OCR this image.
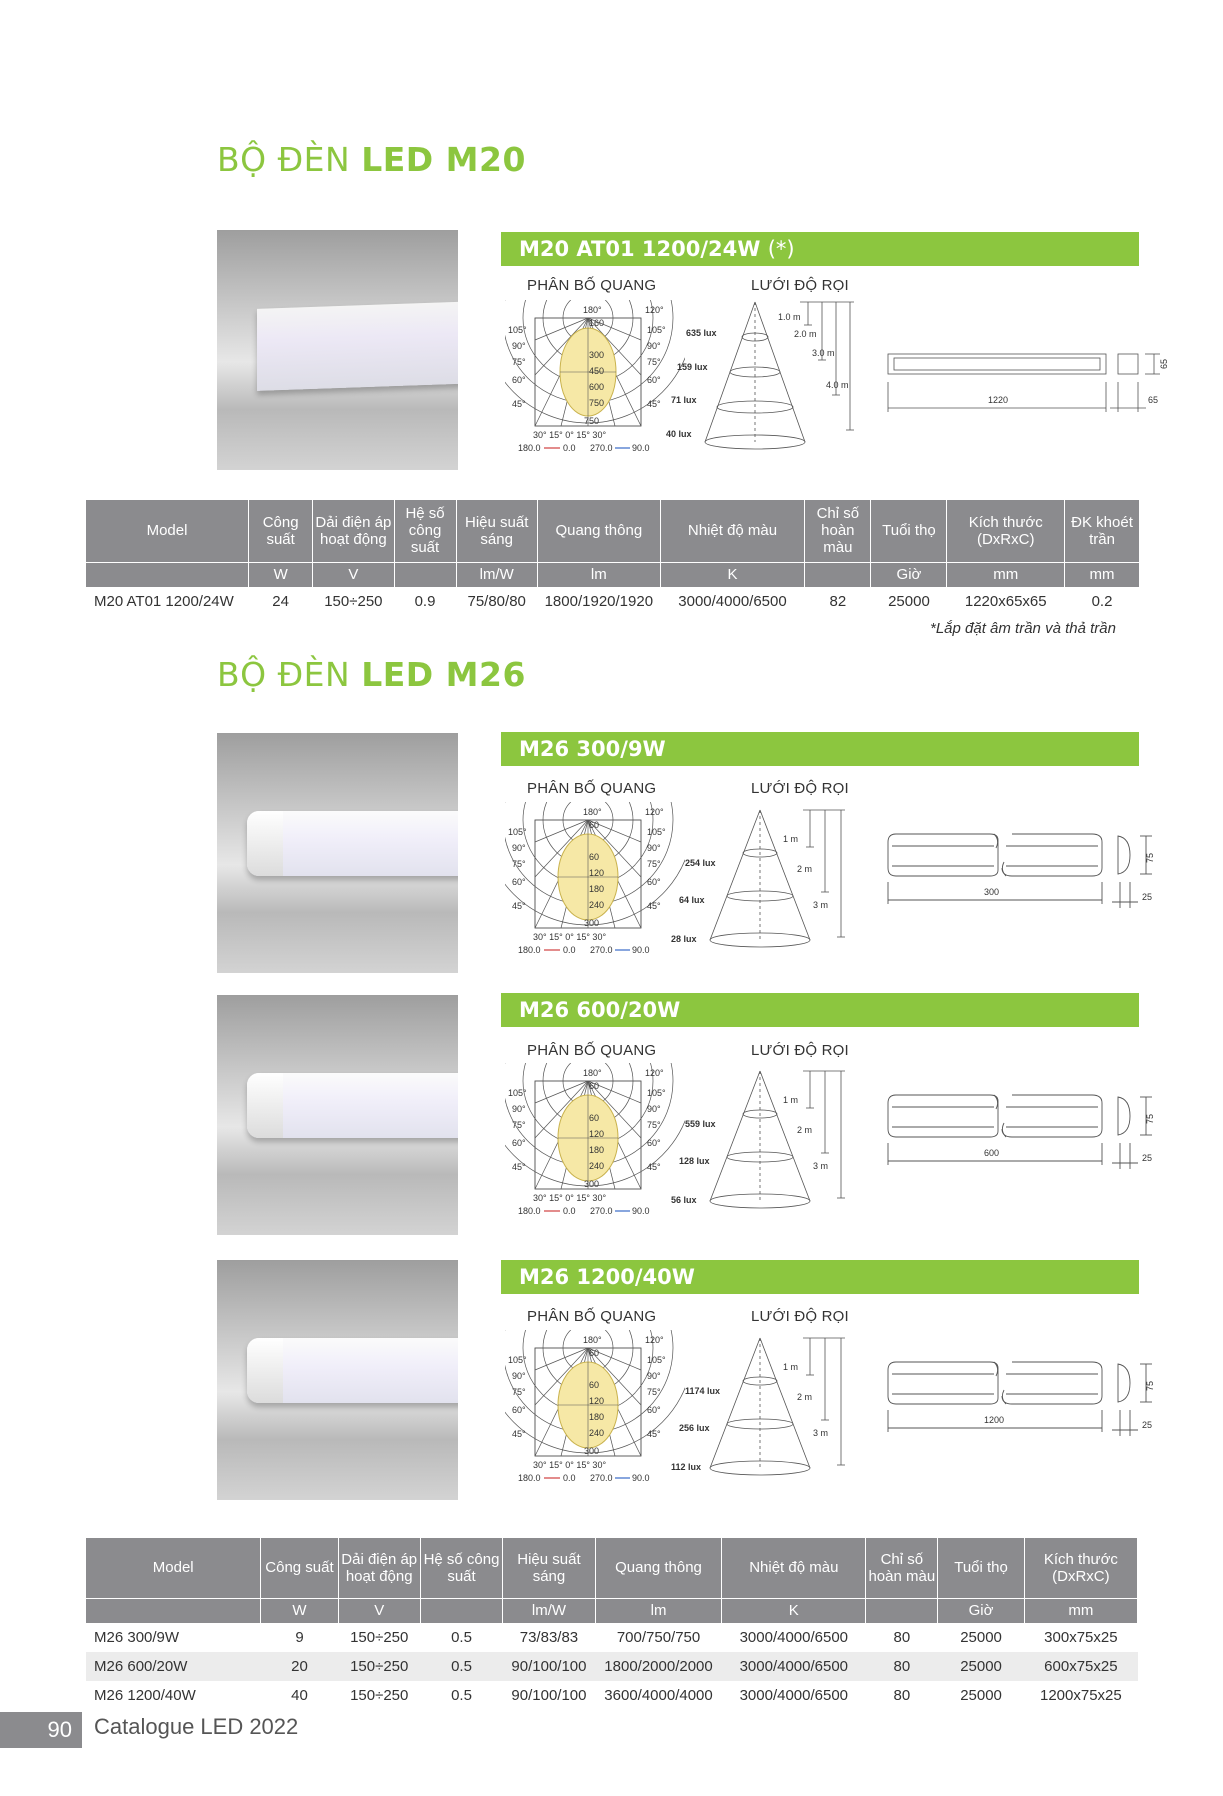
BỘ ĐÈN LED M20
M20 AT01 1200/24W (*)
PHÂN BỐ QUANG	LƯỚI ĐỘ RỌI
180°	120°
105°
90°
75°
60°
45°
105°
90°
75°
60°
45°
160
300
450
600
750
750
30° 15° 0° 15° 30°
180.0 0.0 270.0 90.0
1.0 m
2.0 m
3.0 m
4.0 m
635 lux
159 lux
71 lux
40 lux
1220
65
65
Model	Công suất	Dải điện áp hoạt động	Hệ số công suất	Hiệu suất sáng	Quang thông	Nhiệt độ màu	Chỉ số hoàn màu	Tuổi thọ	Kích thước (DxRxC)	ĐK khoét trần
	W	V		lm/W	lm	K		Giờ	mm	mm
M20 AT01 1200/24W	24	150÷250	0.9	75/80/80	1800/1920/1920	3000/4000/6500	82	25000	1220x65x65	0.2
*Lắp đặt âm trần và thả trần
BỘ ĐÈN LED M26
M26 300/9W
PHÂN BỐ QUANG	LƯỚI ĐỘ RỌI
M26 600/20W
PHÂN BỐ QUANG	LƯỚI ĐỘ RỌI
M26 1200/40W
PHÂN BỐ QUANG	LƯỚI ĐỘ RỌI
180°	120°
105°
90°
75°
60°
45°
105°
90°
75°
60°
45°
60
60
120
180
240
300
30° 15° 0° 15° 30°
180.0 0.0 270.0 90.0
1 m
2 m
3 m
254 lux
64 lux
28 lux
300
75
25
180°	120°
105°
90°
75°
60°
45°
105°
90°
75°
60°
45°
60
60
120
180
240
300
30° 15° 0° 15° 30°
180.0 0.0 270.0 90.0
1 m
2 m
3 m
559 lux
128 lux
56 lux
600
75
25
180°	120°
105°
90°
75°
60°
45°
105°
90°
75°
60°
45°
60
60
120
180
240
300
30° 15° 0° 15° 30°
180.0 0.0 270.0 90.0
1 m
2 m
3 m
1174 lux
256 lux
112 lux
1200
75
25
Model	Công suất	Dải điện áp hoạt động	Hệ số công suất	Hiệu suất sáng	Quang thông	Nhiệt độ màu	Chỉ số hoàn màu	Tuổi thọ	Kích thước (DxRxC)
	W	V		lm/W	lm	K		Giờ	mm
M26 300/9W	9	150÷250	0.5	73/83/83	700/750/750	3000/4000/6500	80	25000	300x75x25
M26 600/20W	20	150÷250	0.5	90/100/100	1800/2000/2000	3000/4000/6500	80	25000	600x75x25
M26 1200/40W	40	150÷250	0.5	90/100/100	3600/4000/4000	3000/4000/6500	80	25000	1200x75x25
90	Catalogue LED 2022
